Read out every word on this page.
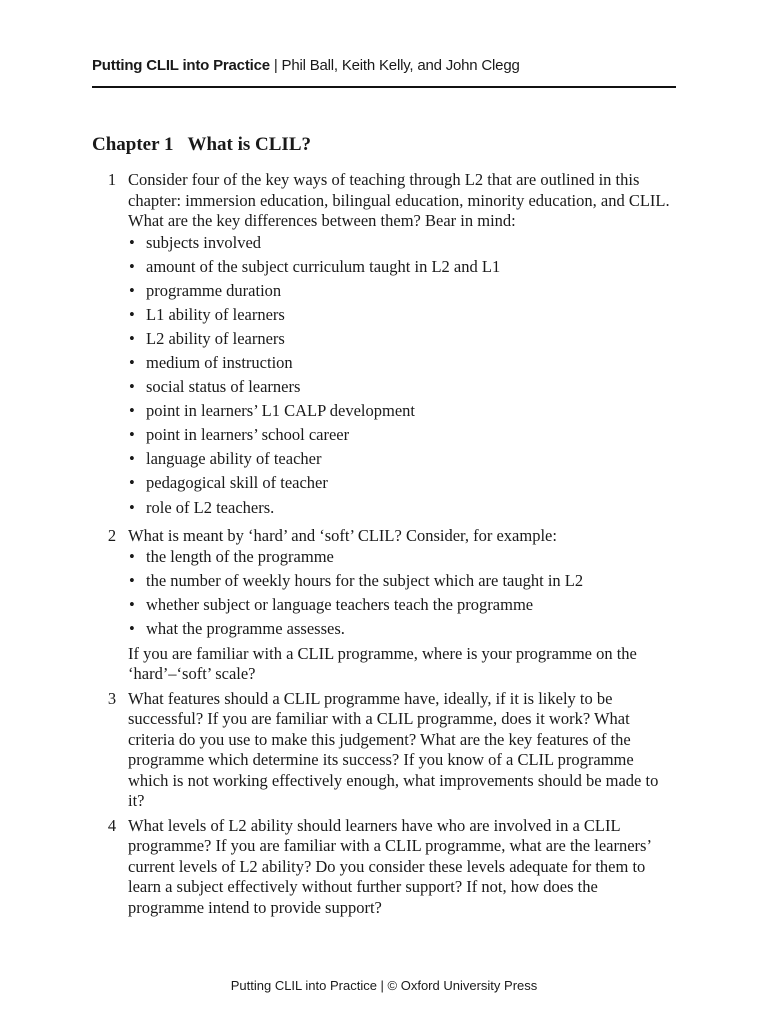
Putting CLIL into Practice | Phil Ball, Keith Kelly, and John Clegg
Chapter 1 What is CLIL?
1 Consider four of the key ways of teaching through L2 that are outlined in this chapter: immersion education, bilingual education, minority education, and CLIL. What are the key differences between them? Bear in mind:

• subjects involved
• amount of the subject curriculum taught in L2 and L1
• programme duration
• L1 ability of learners
• L2 ability of learners
• medium of instruction
• social status of learners
• point in learners’ L1 CALP development
• point in learners’ school career
• language ability of teacher
• pedagogical skill of teacher
• role of L2 teachers.
2 What is meant by ‘hard’ and ‘soft’ CLIL? Consider, for example:

• the length of the programme
• the number of weekly hours for the subject which are taught in L2
• whether subject or language teachers teach the programme
• what the programme assesses.

If you are familiar with a CLIL programme, where is your programme on the ‘hard’–‘soft’ scale?

3 What features should a CLIL programme have, ideally, if it is likely to be successful? If you are familiar with a CLIL programme, does it work? What criteria do you use to make this judgement? What are the key features of the programme which determine its success? If you know of a CLIL programme which is not working effectively enough, what improvements should be made to it?

4 What levels of L2 ability should learners have who are involved in a CLIL programme? If you are familiar with a CLIL programme, what are the learners’ current levels of L2 ability? Do you consider these levels adequate for them to learn a subject effectively without further support? If not, how does the programme intend to provide support?

Putting CLIL into Practice | © Oxford University Press
